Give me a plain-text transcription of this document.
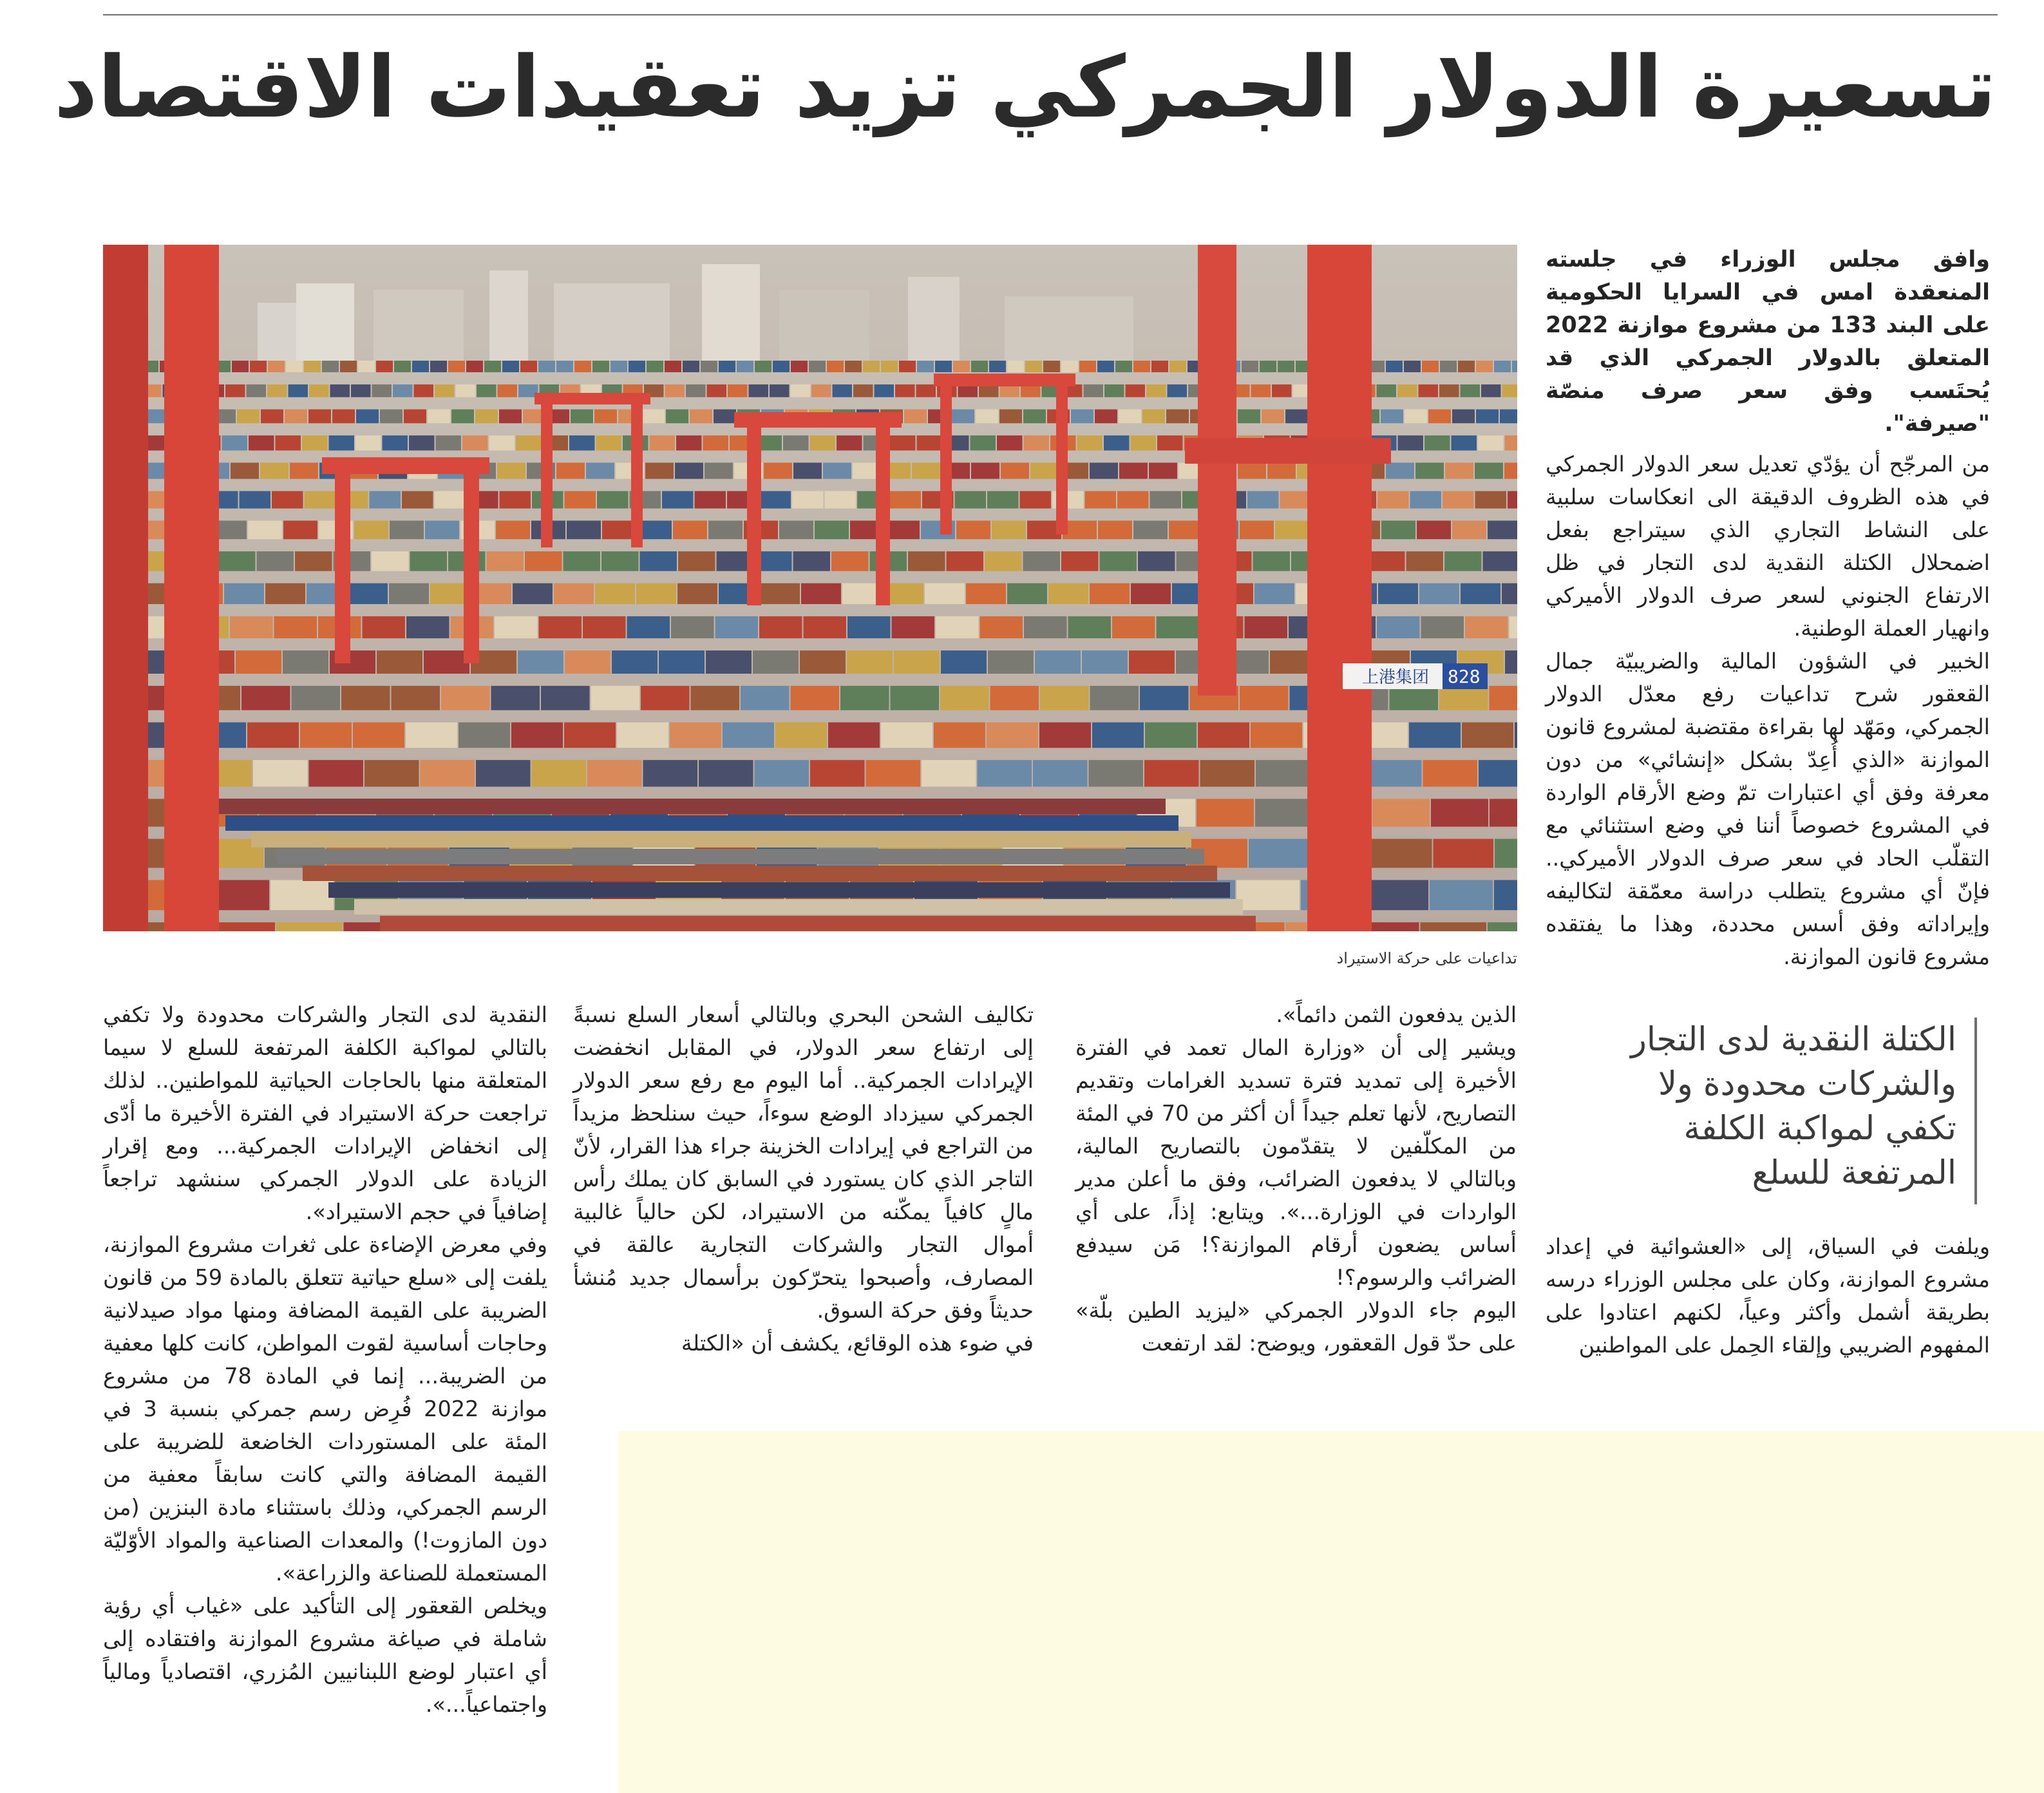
تسعيرة الدولار الجمركي تزيد تعقيدات الاقتصاد

وافق مجلس الوزراء في جلسته المنعقدة امس في السرايا الحكومية على البند 133 من مشروع موازنة 2022 المتعلق بالدولار الجمركي الذي قد يُحتَسب وفق سعر صرف منصّة "صيرفة".

上港集团 828
تداعيات على حركة الاستيراد

من المرجّح أن يؤدّي تعديل سعر الدولار الجمركي في هذه الظروف الدقيقة الى انعكاسات سلبية على النشاط التجاري الذي سيتراجع بفعل اضمحلال الكتلة النقدية لدى التجار في ظل الارتفاع الجنوني لسعر صرف الدولار الأميركي وانهيار العملة الوطنية.

الخبير في الشؤون المالية والضريبيّة جمال القعقور شرح تداعيات رفع معدّل الدولار الجمركي، ومَهّد لها بقراءة مقتضبة لمشروع قانون الموازنة «الذي أُعِدّ بشكل «إنشائي» من دون معرفة وفق أي اعتبارات تمّ وضع الأرقام الواردة في المشروع خصوصاً أننا في وضع استثنائي مع التقلّب الحاد في سعر صرف الدولار الأميركي.. فإنّ أي مشروع يتطلب دراسة معمّقة لتكاليفه وإيراداته وفق أسس محددة، وهذا ما يفتقده مشروع قانون الموازنة.

الكتلة النقدية لدى التجار والشركات محدودة ولا تكفي لمواكبة الكلفة المرتفعة للسلع

ويلفت في السياق، إلى «العشوائية في إعداد مشروع الموازنة، وكان على مجلس الوزراء درسه بطريقة أشمل وأكثر وعياً، لكنهم اعتادوا على المفهوم الضريبي وإلقاء الحِمل على المواطنين

الذين يدفعون الثمن دائماً».

ويشير إلى أن «وزارة المال تعمد في الفترة الأخيرة إلى تمديد فترة تسديد الغرامات وتقديم التصاريح، لأنها تعلم جيداً أن أكثر من 70 في المئة من المكلّفين لا يتقدّمون بالتصاريح المالية، وبالتالي لا يدفعون الضرائب، وفق ما أعلن مدير الواردات في الوزارة...». ويتابع: إذاً، على أي أساس يضعون أرقام الموازنة؟! مَن سيدفع الضرائب والرسوم؟!

اليوم جاء الدولار الجمركي «ليزيد الطين بلّة» على حدّ قول القعقور، ويوضح: لقد ارتفعت

تكاليف الشحن البحري وبالتالي أسعار السلع نسبةً إلى ارتفاع سعر الدولار، في المقابل انخفضت الإيرادات الجمركية.. أما اليوم مع رفع سعر الدولار الجمركي سيزداد الوضع سوءاً، حيث سنلحظ مزيداً من التراجع في إيرادات الخزينة جراء هذا القرار، لأنّ التاجر الذي كان يستورد في السابق كان يملك رأس مالٍ كافياً يمكّنه من الاستيراد، لكن حالياً غالبية أموال التجار والشركات التجارية عالقة في المصارف، وأصبحوا يتحرّكون برأسمال جديد مُنشأ حديثاً وفق حركة السوق.

في ضوء هذه الوقائع، يكشف أن «الكتلة

النقدية لدى التجار والشركات محدودة ولا تكفي بالتالي لمواكبة الكلفة المرتفعة للسلع لا سيما المتعلقة منها بالحاجات الحياتية للمواطنين.. لذلك تراجعت حركة الاستيراد في الفترة الأخيرة ما أدّى إلى انخفاض الإيرادات الجمركية... ومع إقرار الزيادة على الدولار الجمركي سنشهد تراجعاً إضافياً في حجم الاستيراد».

وفي معرض الإضاءة على ثغرات مشروع الموازنة، يلفت إلى «سلع حياتية تتعلق بالمادة 59 من قانون الضريبة على القيمة المضافة ومنها مواد صيدلانية وحاجات أساسية لقوت المواطن، كانت كلها معفية من الضريبة... إنما في المادة 78 من مشروع موازنة 2022 فُرِض رسم جمركي بنسبة 3 في المئة على المستوردات الخاضعة للضريبة على القيمة المضافة والتي كانت سابقاً معفية من الرسم الجمركي، وذلك باستثناء مادة البنزين (من دون المازوت!) والمعدات الصناعية والمواد الأوّليّة المستعملة للصناعة والزراعة».

ويخلص القعقور إلى التأكيد على «غياب أي رؤية شاملة في صياغة مشروع الموازنة وافتقاده إلى أي اعتبار لوضع اللبنانيين المُزري، اقتصادياً ومالياً واجتماعياً...».
